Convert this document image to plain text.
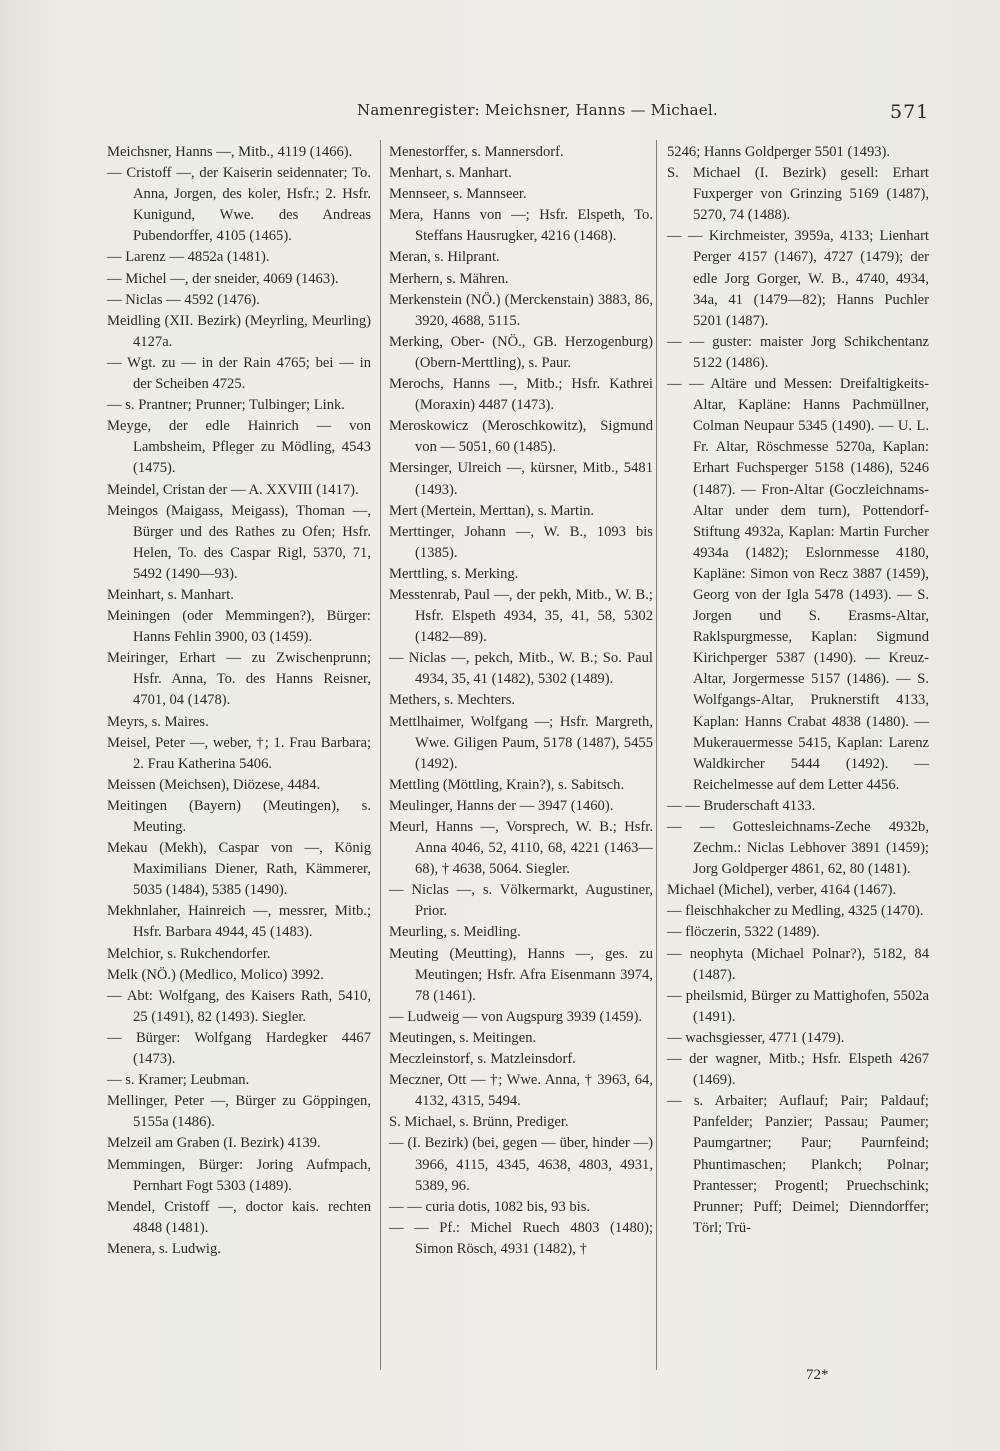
Namenregister: Meichsner, Hanns — Michael.	571

Meichsner, Hanns —, Mitb., 4119 (1466).

— Cristoff —, der Kaiserin seidennater; To. Anna, Jorgen, des koler, Hsfr.; 2. Hsfr. Kunigund, Wwe. des Andreas Pubendorffer, 4105 (1465).

— Larenz — 4852a (1481).

— Michel —, der sneider, 4069 (1463).

— Niclas — 4592 (1476).

Meidling (XII. Bezirk) (Meyrling, Meurling) 4127a.

— Wgt. zu — in der Rain 4765; bei — in der Scheiben 4725.

— s. Prantner; Prunner; Tulbinger; Link.

Meyge, der edle Hainrich — von Lambsheim, Pfleger zu Mödling, 4543 (1475).

Meindel, Cristan der — A. XXVIII (1417).

Meingos (Maigass, Meigass), Thoman —, Bürger und des Rathes zu Ofen; Hsfr. Helen, To. des Caspar Rigl, 5370, 71, 5492 (1490—93).

Meinhart, s. Manhart.

Meiningen (oder Memmingen?), Bürger: Hanns Fehlin 3900, 03 (1459).

Meiringer, Erhart — zu Zwischenprunn; Hsfr. Anna, To. des Hanns Reisner, 4701, 04 (1478).

Meyrs, s. Maires.

Meisel, Peter —, weber, †; 1. Frau Barbara; 2. Frau Katherina 5406.

Meissen (Meichsen), Diözese, 4484.

Meitingen (Bayern) (Meutingen), s. Meuting.

Mekau (Mekh), Caspar von —, König Maximilians Diener, Rath, Kämmerer, 5035 (1484), 5385 (1490).

Mekhnlaher, Hainreich —, messrer, Mitb.; Hsfr. Barbara 4944, 45 (1483).

Melchior, s. Rukchendorfer.

Melk (NÖ.) (Medlico, Molico) 3992.

— Abt: Wolfgang, des Kaisers Rath, 5410, 25 (1491), 82 (1493). Siegler.

— Bürger: Wolfgang Hardegker 4467 (1473).

— s. Kramer; Leubman.

Mellinger, Peter —, Bürger zu Göppingen, 5155a (1486).

Melzeil am Graben (I. Bezirk) 4139.

Memmingen, Bürger: Joring Aufmpach, Pernhart Fogt 5303 (1489).

Mendel, Cristoff —, doctor kais. rechten 4848 (1481).

Menera, s. Ludwig.

Menestorffer, s. Mannersdorf.

Menhart, s. Manhart.

Mennseer, s. Mannseer.

Mera, Hanns von —; Hsfr. Elspeth, To. Steffans Hausrugker, 4216 (1468).

Meran, s. Hilprant.

Merhern, s. Mähren.

Merkenstein (NÖ.) (Merckenstain) 3883, 86, 3920, 4688, 5115.

Merking, Ober- (NÖ., GB. Herzogenburg) (Obern-Merttling), s. Paur.

Merochs, Hanns —, Mitb.; Hsfr. Kathrei (Moraxin) 4487 (1473).

Meroskowicz (Meroschkowitz), Sigmund von — 5051, 60 (1485).

Mersinger, Ulreich —, kürsner, Mitb., 5481 (1493).

Mert (Mertein, Merttan), s. Martin.

Merttinger, Johann —, W. B., 1093 bis (1385).

Merttling, s. Merking.

Messtenrab, Paul —, der pekh, Mitb., W. B.; Hsfr. Elspeth 4934, 35, 41, 58, 5302 (1482—89).

— Niclas —, pekch, Mitb., W. B.; So. Paul 4934, 35, 41 (1482), 5302 (1489).

Methers, s. Mechters.

Mettlhaimer, Wolfgang —; Hsfr. Margreth, Wwe. Giligen Paum, 5178 (1487), 5455 (1492).

Mettling (Möttling, Krain?), s. Sabitsch.

Meulinger, Hanns der — 3947 (1460).

Meurl, Hanns —, Vorsprech, W. B.; Hsfr. Anna 4046, 52, 4110, 68, 4221 (1463—68), † 4638, 5064. Siegler.

— Niclas —, s. Völkermarkt, Augustiner, Prior.

Meurling, s. Meidling.

Meuting (Meutting), Hanns —, ges. zu Meutingen; Hsfr. Afra Eisenmann 3974, 78 (1461).

— Ludweig — von Augspurg 3939 (1459).

Meutingen, s. Meitingen.

Meczleinstorf, s. Matzleinsdorf.

Meczner, Ott — †; Wwe. Anna, † 3963, 64, 4132, 4315, 5494.

S. Michael, s. Brünn, Prediger.

— (I. Bezirk) (bei, gegen — über, hinder —) 3966, 4115, 4345, 4638, 4803, 4931, 5389, 96.

— — curia dotis, 1082 bis, 93 bis.

— — Pf.: Michel Ruech 4803 (1480); Simon Rösch, 4931 (1482), †

5246; Hanns Goldperger 5501 (1493).

S. Michael (I. Bezirk) gesell: Erhart Fuxperger von Grinzing 5169 (1487), 5270, 74 (1488).

— — Kirchmeister, 3959a, 4133; Lienhart Perger 4157 (1467), 4727 (1479); der edle Jorg Gorger, W. B., 4740, 4934, 34a, 41 (1479—82); Hanns Puchler 5201 (1487).

— — guster: maister Jorg Schikchentanz 5122 (1486).

— — Altäre und Messen: Dreifaltigkeits-Altar, Kapläne: Hanns Pachmüllner, Colman Neupaur 5345 (1490). — U. L. Fr. Altar, Röschmesse 5270a, Kaplan: Erhart Fuchsperger 5158 (1486), 5246 (1487). — Fron-Altar (Goczleichnams-Altar under dem turn), Pottendorf-Stiftung 4932a, Kaplan: Martin Furcher 4934a (1482); Eslornmesse 4180, Kapläne: Simon von Recz 3887 (1459), Georg von der Igla 5478 (1493). — S. Jorgen und S. Erasms-Altar, Raklspurgmesse, Kaplan: Sigmund Kirichperger 5387 (1490). — Kreuz-Altar, Jorgermesse 5157 (1486). — S. Wolfgangs-Altar, Pruknerstift 4133, Kaplan: Hanns Crabat 4838 (1480). — Mukerauermesse 5415, Kaplan: Larenz Waldkircher 5444 (1492). — Reichelmesse auf dem Letter 4456.

— — Bruderschaft 4133.

— — Gottesleichnams-Zeche 4932b, Zechm.: Niclas Lebhover 3891 (1459); Jorg Goldperger 4861, 62, 80 (1481).

Michael (Michel), verber, 4164 (1467).

— fleischhakcher zu Medling, 4325 (1470).

— flöczerin, 5322 (1489).

— neophyta (Michael Polnar?), 5182, 84 (1487).

— pheilsmid, Bürger zu Mattighofen, 5502a (1491).

— wachsgiesser, 4771 (1479).

— der wagner, Mitb.; Hsfr. Elspeth 4267 (1469).

— s. Arbaiter; Auflauf; Pair; Paldauf; Panfelder; Panzier; Passau; Paumer; Paumgartner; Paur; Paurnfeind; Phuntimaschen; Plankch; Polnar; Prantesser; Progentl; Pruechschink; Prunner; Puff; Deimel; Dienndorffer; Törl; Trü-

72*
